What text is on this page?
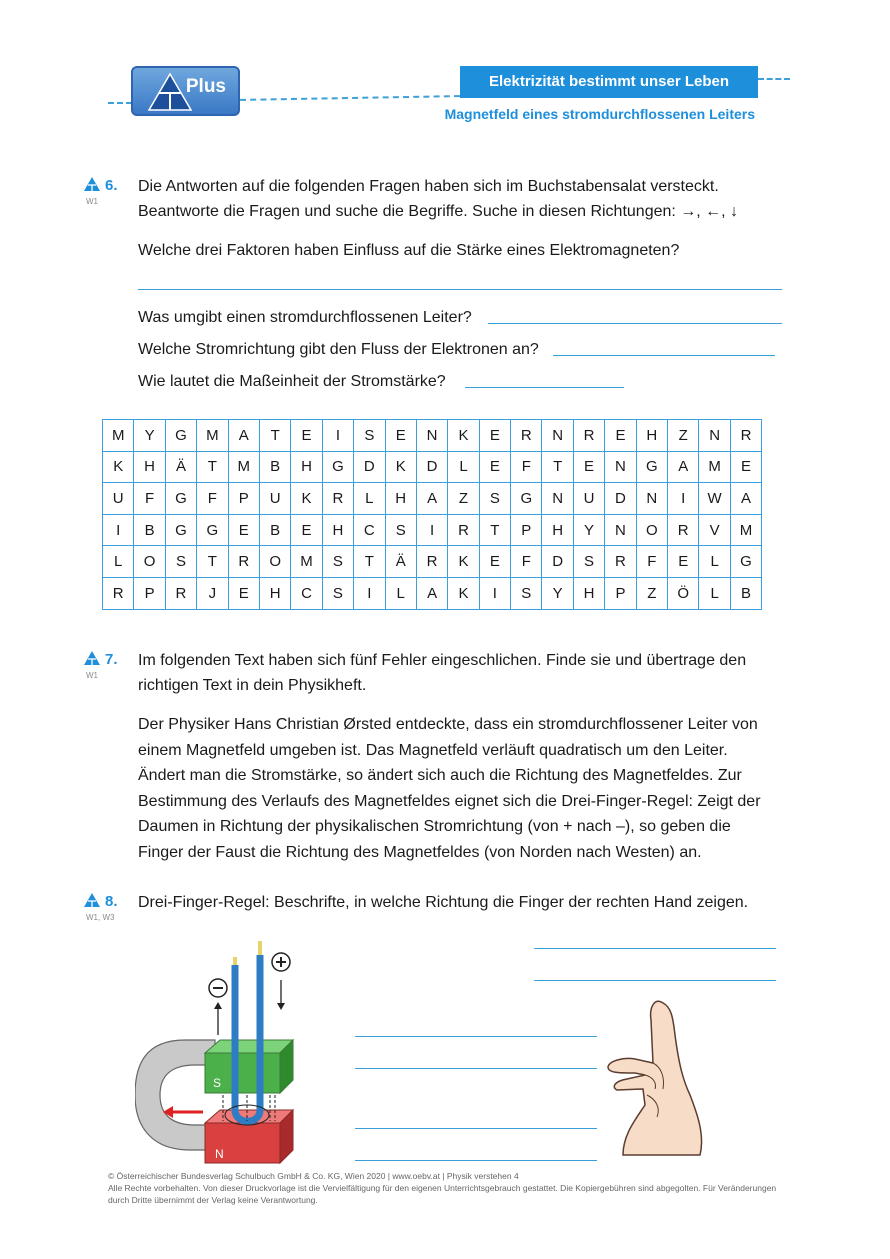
Plus	Elektrizität bestimmt unser Leben
Magnetfeld eines stromdurchflossenen Leiters
6.
W1
Die Antworten auf die folgenden Fragen haben sich im Buchstabensalat versteckt.
Beantworte die Fragen und suche die Begriffe. Suche in diesen Richtungen: →, ←, ↓
Welche drei Faktoren haben Einfluss auf die Stärke eines Elektromagneten?
Was umgibt einen stromdurchflossenen Leiter?
Welche Stromrichtung gibt den Fluss der Elektronen an?
Wie lautet die Maßeinheit der Stromstärke?
M	Y	G	M	A	T	E	I	S	E	N	K	E	R	N	R	E	H	Z	N	R
K	H	Ä	T	M	B	H	G	D	K	D	L	E	F	T	E	N	G	A	M	E
U	F	G	F	P	U	K	R	L	H	A	Z	S	G	N	U	D	N	I	W	A
I	B	G	G	E	B	E	H	C	S	I	R	T	P	H	Y	N	O	R	V	M
L	O	S	T	R	O	M	S	T	Ä	R	K	E	F	D	S	R	F	E	L	G
R	P	R	J	E	H	C	S	I	L	A	K	I	S	Y	H	P	Z	Ö	L	B
7.
W1
Im folgenden Text haben sich fünf Fehler eingeschlichen. Finde sie und übertrage den
richtigen Text in dein Physikheft.
Der Physiker Hans Christian Ørsted entdeckte, dass ein stromdurchflossener Leiter von
einem Magnetfeld umgeben ist. Das Magnetfeld verläuft quadratisch um den Leiter.
Ändert man die Stromstärke, so ändert sich auch die Richtung des Magnetfeldes. Zur
Bestimmung des Verlaufs des Magnetfeldes eignet sich die Drei-Finger-Regel: Zeigt der
Daumen in Richtung der physikalischen Stromrichtung (von + nach –), so geben die
Finger der Faust die Richtung des Magnetfeldes (von Norden nach Westen) an.
8.
W1, W3
Drei-Finger-Regel: Beschrifte, in welche Richtung die Finger der rechten Hand zeigen.
S
N
© Österreichischer Bundesverlag Schulbuch GmbH & Co. KG, Wien 2020 | www.oebv.at | Physik verstehen 4
Alle Rechte vorbehalten. Von dieser Druckvorlage ist die Vervielfältigung für den eigenen Unterrichtsgebrauch gestattet. Die Kopiergebühren sind abgegolten. Für Veränderungen durch Dritte übernimmt der Verlag keine Verantwortung.
